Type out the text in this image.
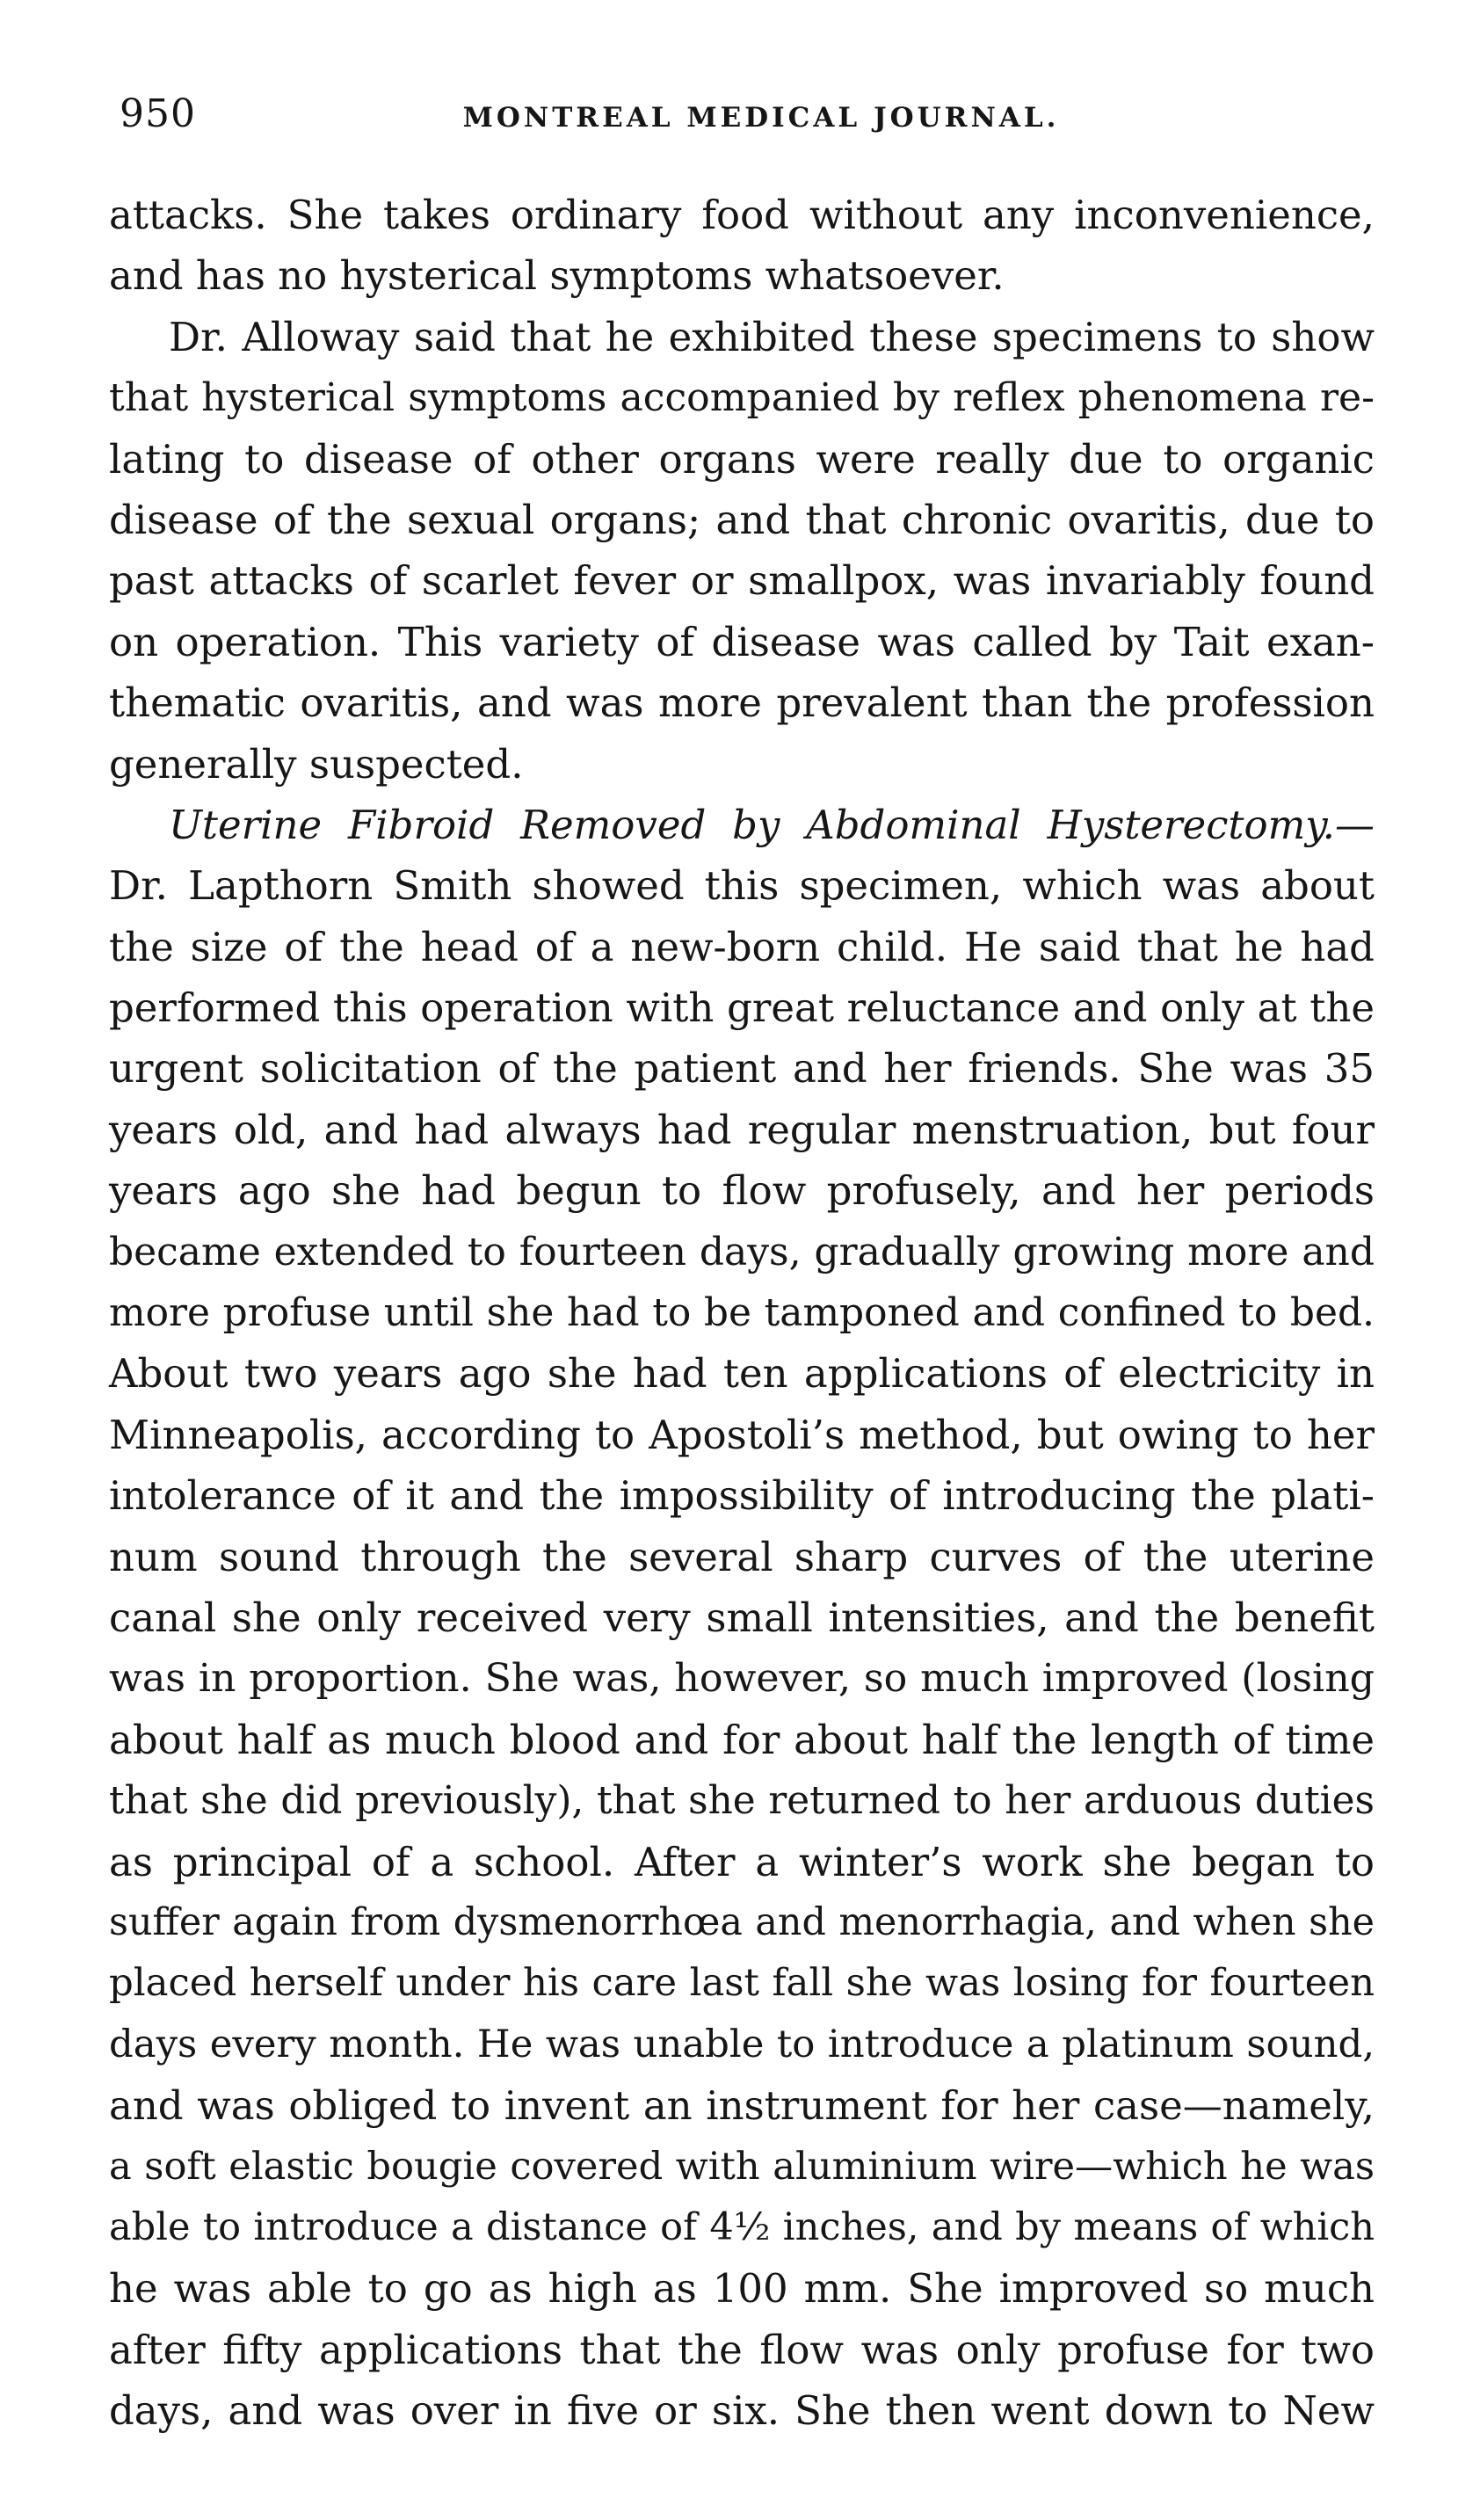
950	MONTREAL MEDICAL JOURNAL.
attacks. She takes ordinary food without any inconvenience,
and has no hysterical symptoms whatsoever.
Dr. Alloway said that he exhibited these specimens to show
that hysterical symptoms accompanied by reflex phenomena re-
lating to disease of other organs were really due to organic
disease of the sexual organs; and that chronic ovaritis, due to
past attacks of scarlet fever or smallpox, was invariably found
on operation. This variety of disease was called by Tait exan-
thematic ovaritis, and was more prevalent than the profession
generally suspected.
Uterine Fibroid Removed by Abdominal Hysterectomy.—
Dr. Lapthorn Smith showed this specimen, which was about
the size of the head of a new-born child. He said that he had
performed this operation with great reluctance and only at the
urgent solicitation of the patient and her friends. She was 35
years old, and had always had regular menstruation, but four
years ago she had begun to flow profusely, and her periods
became extended to fourteen days, gradually growing more and
more profuse until she had to be tamponed and confined to bed.
About two years ago she had ten applications of electricity in
Minneapolis, according to Apostoli’s method, but owing to her
intolerance of it and the impossibility of introducing the plati-
num sound through the several sharp curves of the uterine
canal she only received very small intensities, and the benefit
was in proportion. She was, however, so much improved (losing
about half as much blood and for about half the length of time
that she did previously), that she returned to her arduous duties
as principal of a school. After a winter’s work she began to
suffer again from dysmenorrhœa and menorrhagia, and when she
placed herself under his care last fall she was losing for fourteen
days every month. He was unable to introduce a platinum sound,
and was obliged to invent an instrument for her case—namely,
a soft elastic bougie covered with aluminium wire—which he was
able to introduce a distance of 4½ inches, and by means of which
he was able to go as high as 100 mm. She improved so much
after fifty applications that the flow was only profuse for two
days, and was over in five or six. She then went down to New
